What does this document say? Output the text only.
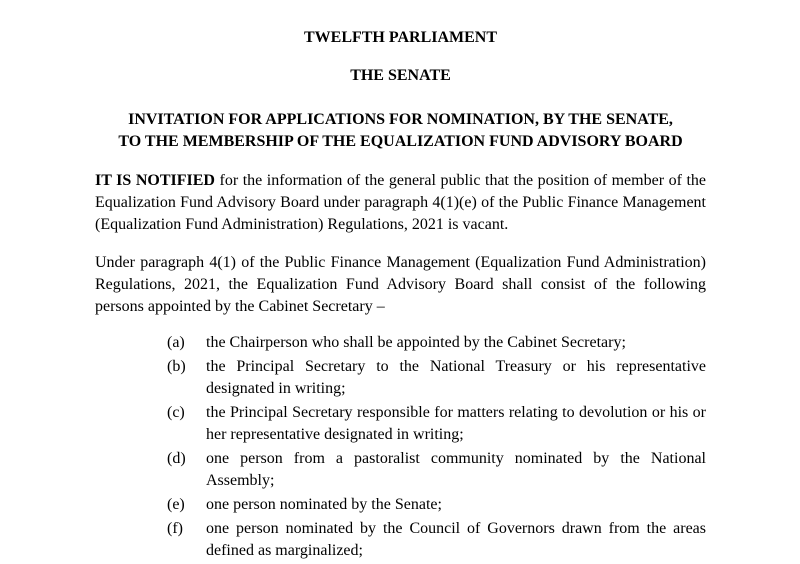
TWELFTH PARLIAMENT
THE SENATE
INVITATION FOR APPLICATIONS FOR NOMINATION, BY THE SENATE,
TO THE MEMBERSHIP OF THE EQUALIZATION FUND ADVISORY BOARD
IT IS NOTIFIED for the information of the general public that the position of member of the Equalization Fund Advisory Board under paragraph 4(1)(e) of the Public Finance Management (Equalization Fund Administration) Regulations, 2021 is vacant.
Under paragraph 4(1) of the Public Finance Management (Equalization Fund Administration) Regulations, 2021, the Equalization Fund Advisory Board shall consist of the following persons appointed by the Cabinet Secretary –
(a)	the Chairperson who shall be appointed by the Cabinet Secretary;
(b)	the Principal Secretary to the National Treasury or his representative designated in writing;
(c)	the Principal Secretary responsible for matters relating to devolution or his or her representative designated in writing;
(d)	one person from a pastoralist community nominated by the National Assembly;
(e)	one person nominated by the Senate;
(f)	one person nominated by the Council of Governors drawn from the areas defined as marginalized;
